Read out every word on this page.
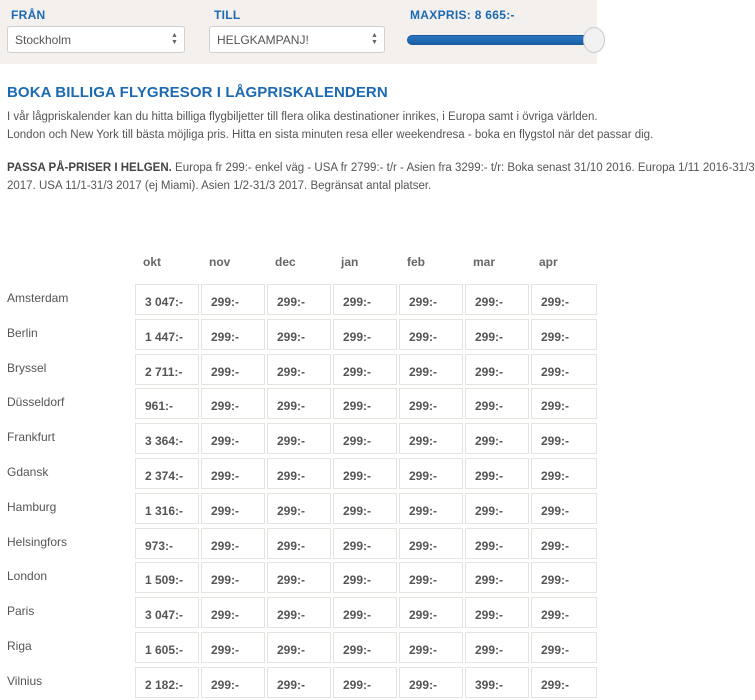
FRÅN
Stockholm	▲
▼
TILL
HELGKAMPANJ!	▲
▼
MAXPRIS: 8 665:-
BOKA BILLIGA FLYGRESOR I LÅGPRISKALENDERN
I vår lågpriskalender kan du hitta billiga flygbiljetter till flera olika destinationer inrikes, i Europa samt i övriga världen.
London och New York till bästa möjliga pris. Hitta en sista minuten resa eller weekendresa - boka en flygstol när det passar dig.
PASSA PÅ-PRISER I HELGEN. Europa fr 299:- enkel väg - USA fr 2799:- t/r - Asien fra 3299:- t/r: Boka senast 31/10 2016. Europa 1/11 2016-31/3
2017. USA 11/1-31/3 2017 (ej Miami). Asien 1/2-31/3 2017. Begränsat antal platser.
okt	nov	dec	jan	feb	mar	apr
Amsterdam	3 047:-	299:-	299:-	299:-	299:-	299:-	299:-
Berlin	1 447:-	299:-	299:-	299:-	299:-	299:-	299:-
Bryssel	2 711:-	299:-	299:-	299:-	299:-	299:-	299:-
Düsseldorf	961:-	299:-	299:-	299:-	299:-	299:-	299:-
Frankfurt	3 364:-	299:-	299:-	299:-	299:-	299:-	299:-
Gdansk	2 374:-	299:-	299:-	299:-	299:-	299:-	299:-
Hamburg	1 316:-	299:-	299:-	299:-	299:-	299:-	299:-
Helsingfors	973:-	299:-	299:-	299:-	299:-	299:-	299:-
London	1 509:-	299:-	299:-	299:-	299:-	299:-	299:-
Paris	3 047:-	299:-	299:-	299:-	299:-	299:-	299:-
Riga	1 605:-	299:-	299:-	299:-	299:-	299:-	299:-
Vilnius	2 182:-	299:-	299:-	299:-	299:-	399:-	299:-
